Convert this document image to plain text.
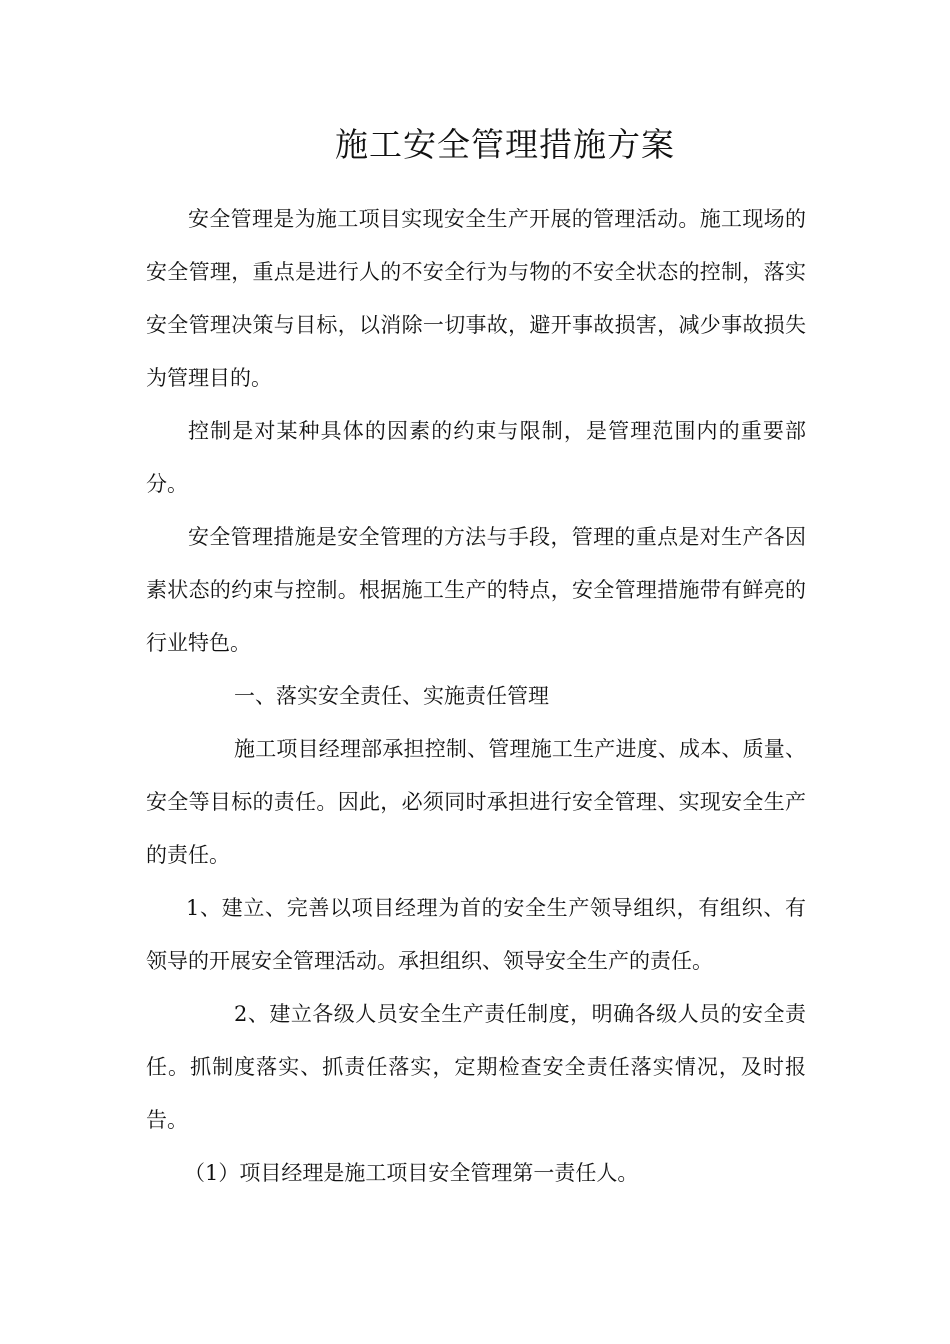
施工安全管理措施方案

安全管理是为施工项目实现安全生产开展的管理活动。施工现场的安全管理，重点是进行人的不安全行为与物的不安全状态的控制，落实安全管理决策与目标，以消除一切事故，避开事故损害，减少事故损失为管理目的。

控制是对某种具体的因素的约束与限制，是管理范围内的重要部分。

安全管理措施是安全管理的方法与手段，管理的重点是对生产各因素状态的约束与控制。根据施工生产的特点，安全管理措施带有鲜亮的行业特色。

一、落实安全责任、实施责任管理

施工项目经理部承担控制、管理施工生产进度、成本、质量、安全等目标的责任。因此，必须同时承担进行安全管理、实现安全生产的责任。

1、建立、完善以项目经理为首的安全生产领导组织，有组织、有领导的开展安全管理活动。承担组织、领导安全生产的责任。

2、建立各级人员安全生产责任制度，明确各级人员的安全责任。抓制度落实、抓责任落实，定期检查安全责任落实情况，及时报告。

（1）项目经理是施工项目安全管理第一责任人。
